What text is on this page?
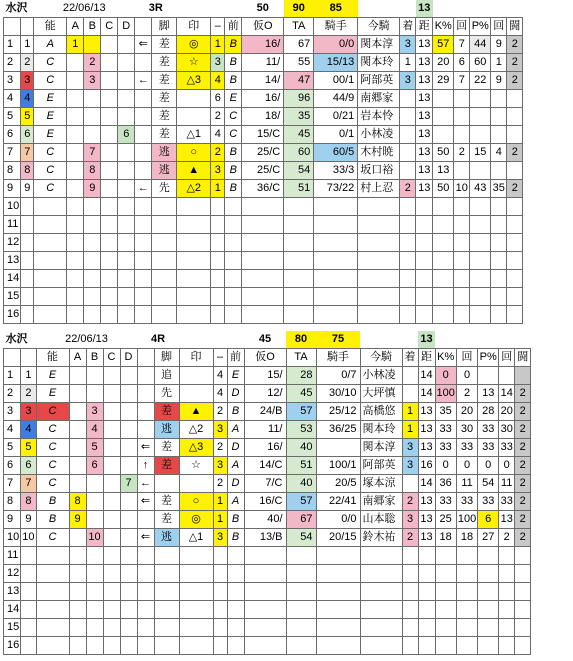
水沢		22/06/13					3R					50	90	85			13					
		能	A	B	C	D		脚	印	–	前	仮O	TA	騎手	今騎	着	距	K%	回	P%	回	闘
1	1	A	1				⇐	差	◎	1	B	16/	67	0/0	関本淳	3	13	57	7	44	9	2
2	2	C		2				差	☆	3	B	11/	55	15/13	関本玲	1	13	20	6	60	1	2
3	3	C		3			←	差	△3	4	B	14/	47	00/1	阿部英	3	13	29	7	22	9	2
4	4	E						差		6	E	16/	96	44/9	南郷家		13					
5	5	E						差		2	C	18/	35	0/21	岩本怜		13					
6	6	E				6		差	△1	4	C	15/C	45	0/1	小林凌		13					
7	7	C		7				逃	○	2	B	25/C	60	60/5	木村暁		13	50	2	15	4	2
8	8	C		8				逃	▲	3	B	25/C	54	33/3	坂口裕		13	13				
9	9	C		9			←	先	△2	1	B	36/C	51	73/22	村上忍	2	13	50	10	43	35	2
10																						
11																						
12																						
13																						
14																						
15																						
16																						
水沢		22/06/13					4R					45	80	75			13					
		能	A	B	C	D		脚	印	–	前	仮O	TA	騎手	今騎	着	距	K%	回	P%	回	闘
1	1	E						追		4	E	15/	28	0/7	小林凌		14	0	0			
2	2	E						先		4	D	12/	45	30/10	大坪慎		14	100	2	13	14	2
3	3	C		3				差	▲	2	B	24/B	57	25/12	高橋悠	1	13	35	20	28	20	2
4	4	C		4				逃	△2	3	A	11/	53	36/25	関本玲	1	13	33	30	33	30	2
5	5	C		5			⇐	差	△3	2	D	16/	40		関本淳	3	13	33	33	33	33	2
6	6	C		6			↑	差	☆	3	A	14/C	51	100/1	阿部英	3	16	0	0	0	0	2
7	7	C				7	←			2	D	7/C	40	20/5	塚本涼		14	36	11	54	11	2
8	8	B	8				⇐	差	○	1	A	16/C	57	22/41	南郷家	2	13	33	33	33	33	2
9	9	B	9					差	◎	1	B	40/	67	0/0	山本聡	3	13	25	100	6	13	2
10	10	C		10			⇐	逃	△1	3	B	13/B	54	20/15	鈴木祐	2	13	18	18	27	2	2
11																						
12																						
13																						
14																						
15																						
16																						
